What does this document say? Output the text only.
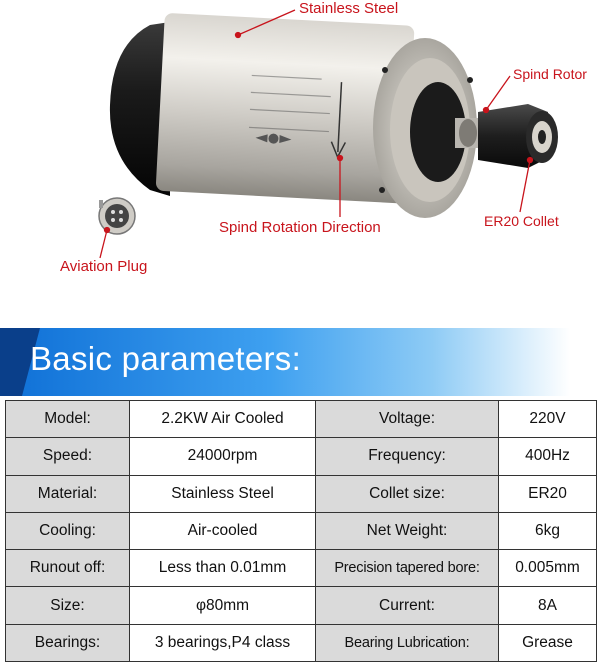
Stainless Steel
Spind Rotor
ER20 Collet
Spind Rotation Direction
Aviation Plug
Basic parameters:
Model:	2.2KW Air Cooled	Voltage:	220V
Speed:	24000rpm	Frequency:	400Hz
Material:	Stainless Steel	Collet size:	ER20
Cooling:	Air-cooled	Net Weight:	6kg
Runout off:	Less than 0.01mm	Precision tapered bore:	0.005mm
Size:	φ80mm	Current:	8A
Bearings:	3 bearings,P4 class	Bearing Lubrication:	Grease
